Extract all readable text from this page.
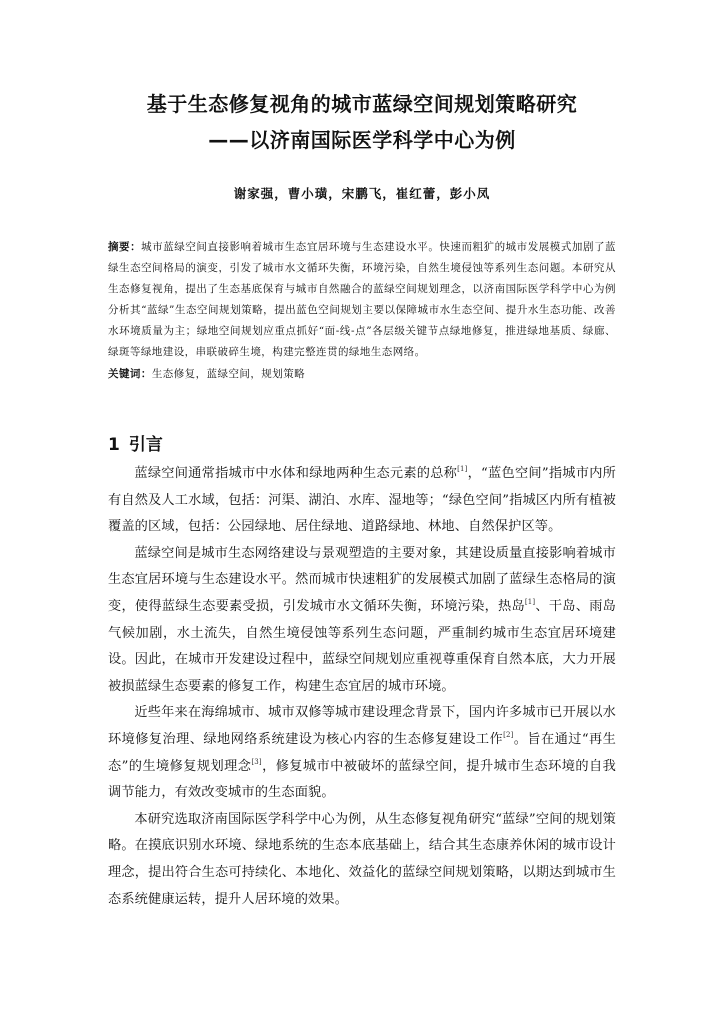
基于生态修复视角的城市蓝绿空间规划策略研究
——以济南国际医学科学中心为例
谢家强，曹小璜，宋鹏飞，崔红蕾，彭小凤
摘要：城市蓝绿空间直接影响着城市生态宜居环境与生态建设水平。快速而粗犷的城市发展模式加剧了蓝绿生态空间格局的演变，引发了城市水文循环失衡，环境污染，自然生境侵蚀等系列生态问题。本研究从生态修复视角，提出了生态基底保育与城市自然融合的蓝绿空间规划理念，以济南国际医学科学中心为例分析其“蓝绿”生态空间规划策略，提出蓝色空间规划主要以保障城市水生态空间、提升水生态功能、改善水环境质量为主；绿地空间规划应重点抓好“面-线-点”各层级关键节点绿地修复，推进绿地基质、绿廊、绿斑等绿地建设，串联破碎生境，构建完整连贯的绿地生态网络。
关键词：生态修复，蓝绿空间，规划策略
1 引言

蓝绿空间通常指城市中水体和绿地两种生态元素的总称[1]，“蓝色空间”指城市内所有自然及人工水域，包括：河渠、湖泊、水库、湿地等；“绿色空间”指城区内所有植被覆盖的区域，包括：公园绿地、居住绿地、道路绿地、林地、自然保护区等。

蓝绿空间是城市生态网络建设与景观塑造的主要对象，其建设质量直接影响着城市生态宜居环境与生态建设水平。然而城市快速粗犷的发展模式加剧了蓝绿生态格局的演变，使得蓝绿生态要素受损，引发城市水文循环失衡，环境污染，热岛[1]、干岛、雨岛气候加剧，水土流失，自然生境侵蚀等系列生态问题，严重制约城市生态宜居环境建设。因此，在城市开发建设过程中，蓝绿空间规划应重视尊重保育自然本底，大力开展被损蓝绿生态要素的修复工作，构建生态宜居的城市环境。

近些年来在海绵城市、城市双修等城市建设理念背景下，国内许多城市已开展以水环境修复治理、绿地网络系统建设为核心内容的生态修复建设工作[2]。旨在通过“再生态”的生境修复规划理念[3]，修复城市中被破坏的蓝绿空间，提升城市生态环境的自我调节能力，有效改变城市的生态面貌。

本研究选取济南国际医学科学中心为例，从生态修复视角研究“蓝绿”空间的规划策略。在摸底识别水环境、绿地系统的生态本底基础上，结合其生态康养休闲的城市设计理念，提出符合生态可持续化、本地化、效益化的蓝绿空间规划策略，以期达到城市生态系统健康运转，提升人居环境的效果。
